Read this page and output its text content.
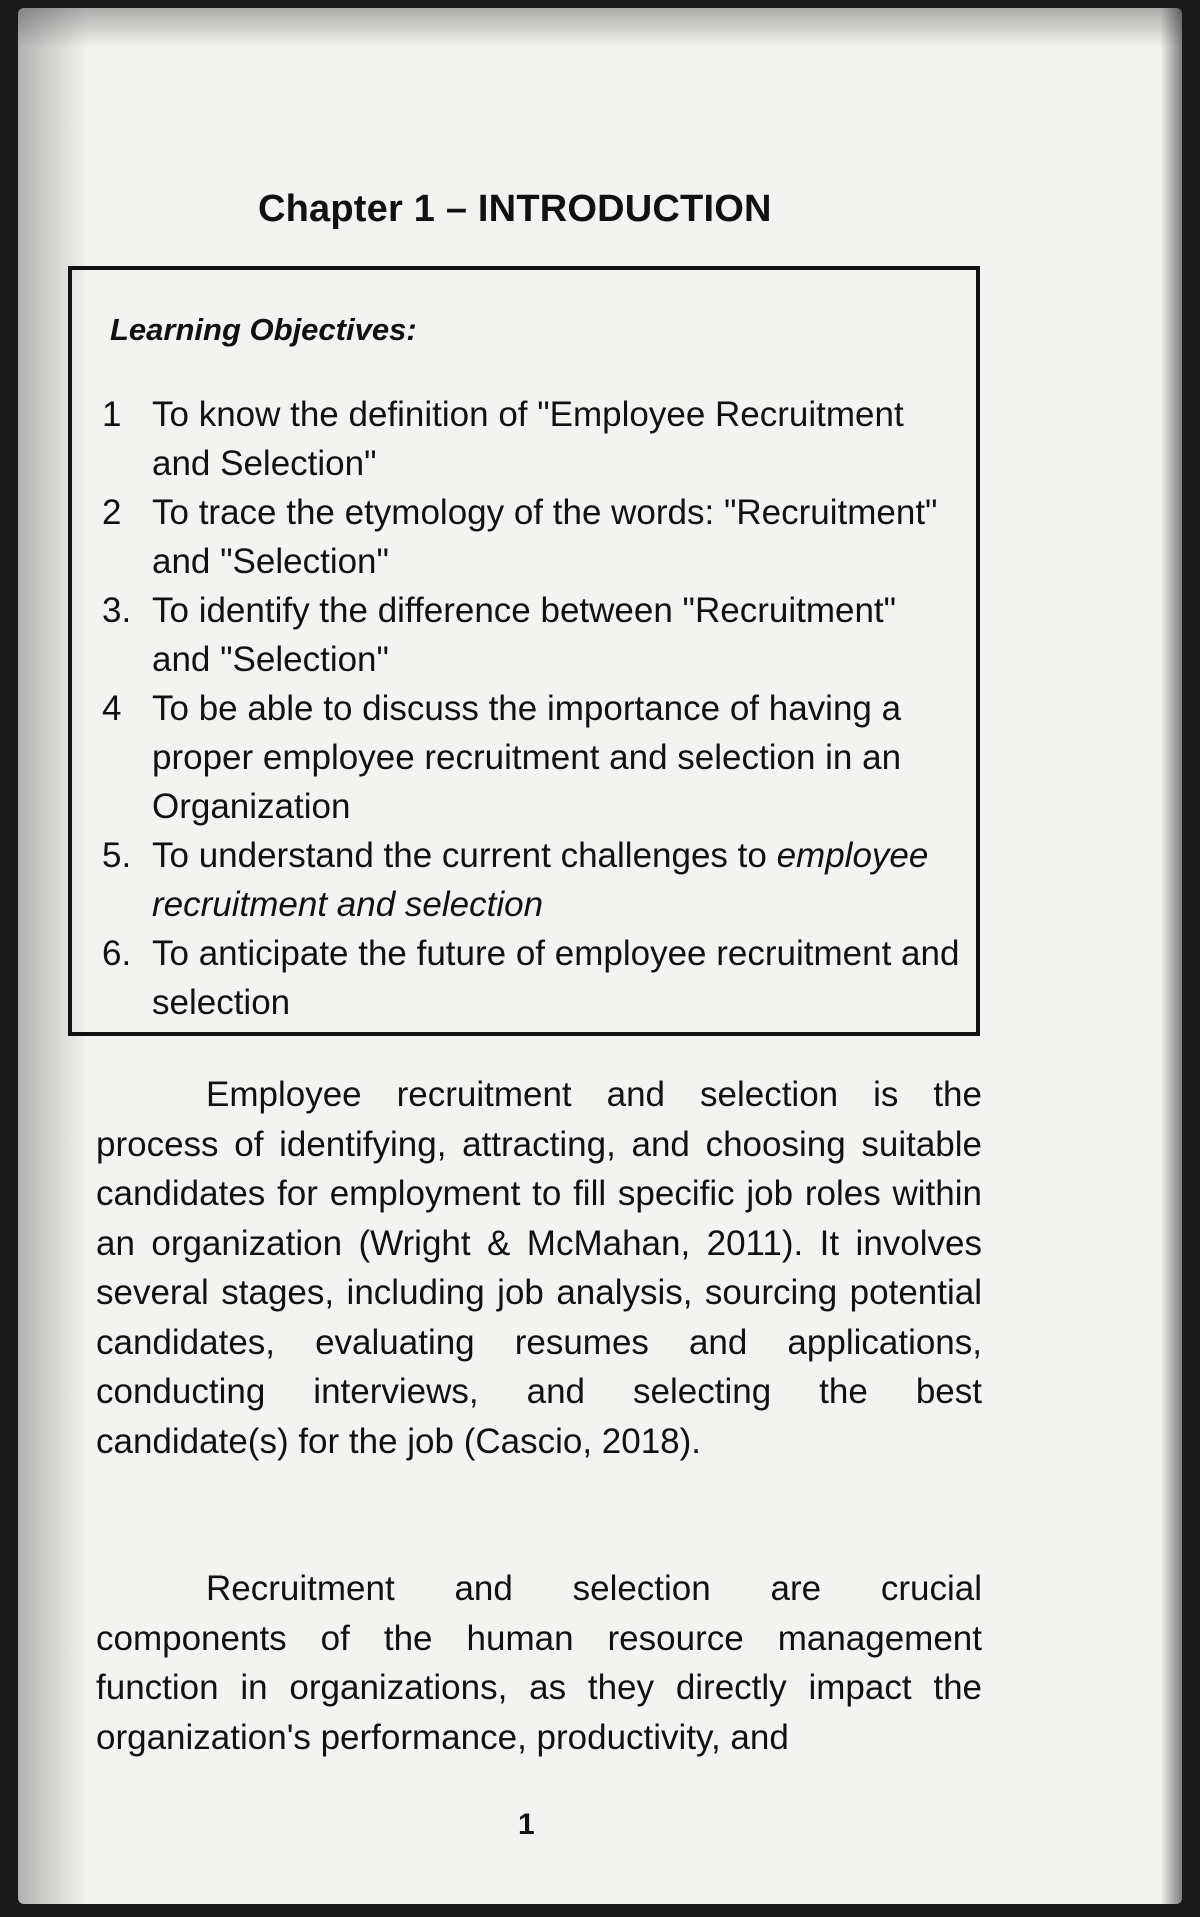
Chapter 1 – INTRODUCTION
Learning Objectives:
1 To know the definition of "Employee Recruitment and Selection"
2 To trace the etymology of the words: "Recruitment" and "Selection"
3. To identify the difference between "Recruitment" and "Selection"
4 To be able to discuss the importance of having a proper employee recruitment and selection in an Organization
5. To understand the current challenges to employee recruitment and selection
6. To anticipate the future of employee recruitment and selection

Employee recruitment and selection is the process of identifying, attracting, and choosing suitable candidates for employment to fill specific job roles within an organization (Wright & McMahan, 2011). It involves several stages, including job analysis, sourcing potential candidates, evaluating resumes and applications, conducting interviews, and selecting the best candidate(s) for the job (Cascio, 2018).

Recruitment and selection are crucial components of the human resource management function in organizations, as they directly impact the organization's performance, productivity, and

1
